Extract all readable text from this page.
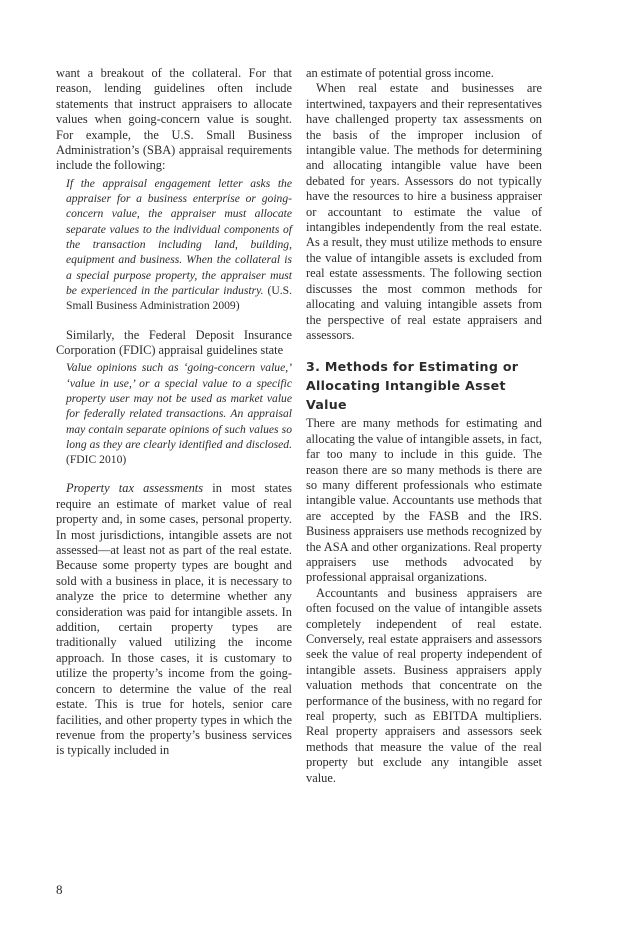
want a breakout of the collateral. For that reason, lending guidelines often include statements that instruct appraisers to allocate values when going-concern value is sought. For example, the U.S. Small Business Administration’s (SBA) appraisal requirements include the following:

If the appraisal engagement letter asks the appraiser for a business enterprise or going-concern value, the appraiser must allocate separate values to the individual components of the transaction including land, building, equipment and business. When the collateral is a special purpose property, the appraiser must be experienced in the particular industry. (U.S. Small Business Administration 2009)

Similarly, the Federal Deposit Insurance Corporation (FDIC) appraisal guidelines state

Value opinions such as ‘going-concern value,’ ‘value in use,’ or a special value to a specific property user may not be used as market value for federally related transactions. An appraisal may contain separate opinions of such values so long as they are clearly identified and disclosed. (FDIC 2010)

Property tax assessments in most states require an estimate of market value of real property and, in some cases, personal property. In most jurisdictions, intangible assets are not assessed—at least not as part of the real estate. Because some property types are bought and sold with a business in place, it is necessary to analyze the price to determine whether any consideration was paid for intangible assets. In addition, certain property types are traditionally valued utilizing the income approach. In those cases, it is customary to utilize the property’s income from the going-concern to determine the value of the real estate. This is true for hotels, senior care facilities, and other property types in which the revenue from the property’s business services is typically included in

an estimate of potential gross income.

When real estate and businesses are intertwined, taxpayers and their representatives have challenged property tax assessments on the basis of the improper inclusion of intangible value. The methods for determining and allocating intangible value have been debated for years. Assessors do not typically have the resources to hire a business appraiser or accountant to estimate the value of intangibles independently from the real estate. As a result, they must utilize methods to ensure the value of intangible assets is excluded from real estate assessments. The following section discusses the most common methods for allocating and valuing intangible assets from the perspective of real estate appraisers and assessors.

3. Methods for Estimating or Allocating Intangible Asset Value

There are many methods for estimating and allocating the value of intangible assets, in fact, far too many to include in this guide. The reason there are so many methods is there are so many different professionals who estimate intangible value. Accountants use methods that are accepted by the FASB and the IRS. Business appraisers use methods recognized by the ASA and other organizations. Real property appraisers use methods advocated by professional appraisal organizations.

Accountants and business appraisers are often focused on the value of intangible assets completely independent of real estate. Conversely, real estate appraisers and assessors seek the value of real property independent of intangible assets. Business appraisers apply valuation methods that concentrate on the performance of the business, with no regard for real property, such as EBITDA multipliers. Real property appraisers and assessors seek methods that measure the value of the real property but exclude any intangible asset value.

8
